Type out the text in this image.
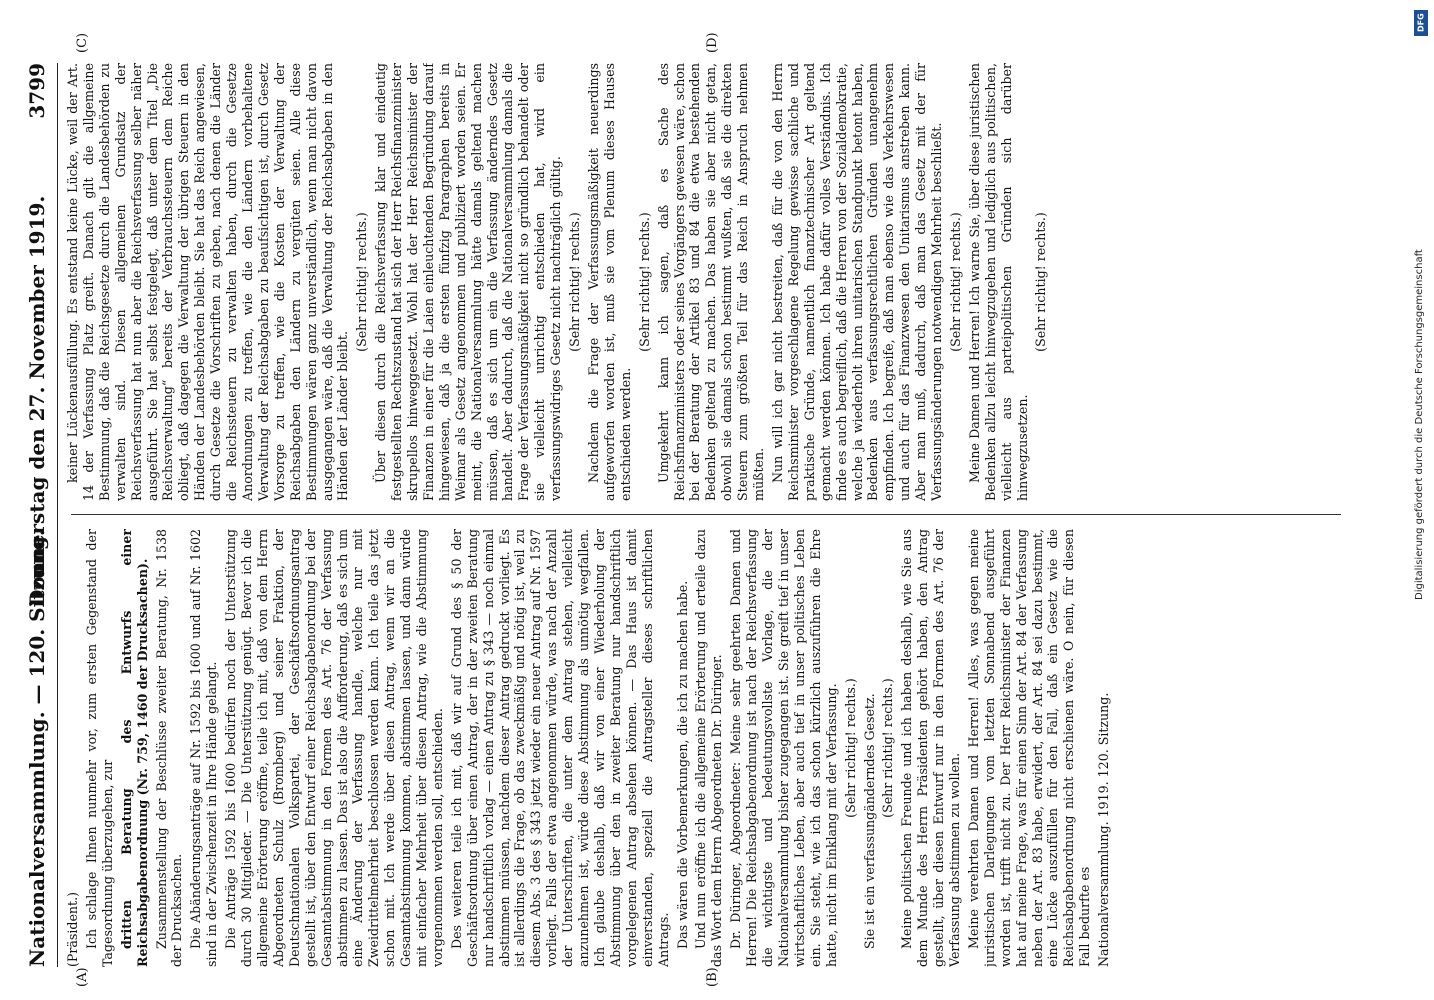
Nationalversammlung. — 120. Sitzung.
Donnerstag den 27. November 1919.
3799
(A)	(B)
(C)	(D)

(Präsident.) Ich schlage Ihnen nunmehr vor, zum ersten Gegenstand der Tagesordnung überzugehen, zur dritten Beratung des Entwurfs einer Reichsabgabenordnung (Nr. 759, 1460 der Drucksachen). Zusammenstellung der Beschlüsse zweiter Beratung, Nr. 1538 der Drucksachen. Die Abänderungsanträge auf Nr. 1592 bis 1600 und auf Nr. 1602 sind in der Zwischenzeit in Ihre Hände gelangt. Die Anträge 1592 bis 1600 bedürfen noch der Unterstützung durch 30 Mitglieder. — Die Unterstützung genügt. Bevor ich die allgemeine Erörterung eröffne, teile ich mit, daß von dem Herrn Abgeordneten Schulz (Bromberg) und seiner Fraktion, der Deutschnationalen Volkspartei, der Geschäftsordnungsantrag gestellt ist, über den Entwurf einer Reichsabgabenordnung bei der Gesamtabstimmung in den Formen des Art. 76 der Verfassung abstimmen zu lassen. Das ist also die Aufforderung, daß es sich um eine Änderung der Verfassung handle, welche nur mit Zweidrittelmehrheit beschlossen werden kann. Ich teile das jetzt schon mit. Ich werde über diesen Antrag, wenn wir an die Gesamtabstimmung kommen, abstimmen lassen, und dann würde mit einfacher Mehrheit über diesen Antrag, wie die Abstimmung vorgenommen werden soll, entschieden. Des weiteren teile ich mit, daß wir auf Grund des § 50 der Geschäftsordnung über einen Antrag, der in der zweiten Beratung nur handschriftlich vorlag — einen Antrag zu § 343 — noch einmal abstimmen müssen, nachdem dieser Antrag gedruckt vorliegt. Es ist allerdings die Frage, ob das zweckmäßig und nötig ist, weil zu diesem Abs. 3 des § 343 jetzt wieder ein neuer Antrag auf Nr. 1597 vorliegt. Falls der etwa angenommen würde, was nach der Anzahl der Unterschriften, die unter dem Antrag stehen, vielleicht anzunehmen ist, würde diese Abstimmung als unnötig wegfallen. Ich glaube deshalb, daß wir von einer Wiederholung der Abstimmung über den in zweiter Beratung nur handschriftlich vorgelegenen Antrag absehen können. — Das Haus ist damit einverstanden, speziell die Antragsteller dieses schriftlichen Antrags. Das wären die Vorbemerkungen, die ich zu machen habe. Und nun eröffne ich die allgemeine Erörterung und erteile dazu das Wort dem Herrn Abgeordneten Dr. Düringer. Dr. Düringer, Abgeordneter: Meine sehr geehrten Damen und Herren! Die Reichsabgabenordnung ist nach der Reichsverfassung die wichtigste und bedeutungsvollste Vorlage, die der Nationalversammlung bisher zugegangen ist. Sie greift tief in unser wirtschaftliches Leben, aber auch tief in unser politisches Leben ein. Sie steht, wie ich das schon kürzlich auszuführen die Ehre hatte, nicht im Einklang mit der Verfassung. (Sehr richtig! rechts.) Sie ist ein verfassungänderndes Gesetz. (Sehr richtig! rechts.) Meine politischen Freunde und ich haben deshalb, wie Sie aus dem Munde des Herrn Präsidenten gehört haben, den Antrag gestellt, über diesen Entwurf nur in den Formen des Art. 76 der Verfassung abstimmen zu wollen. Meine verehrten Damen und Herren! Alles, was gegen meine juristischen Darlegungen vom letzten Sonnabend ausgeführt worden ist, trifft nicht zu. Der Herr Reichsminister der Finanzen hat auf meine Frage, was für einen Sinn der Art. 84 der Verfassung neben der Art. 83 habe, erwidert, der Art. 84 sei dazu bestimmt, eine Lücke auszufüllen für den Fall, daß ein Gesetz wie die Reichsabgabenordnung nicht erschienen wäre. O nein, für diesen Fall bedurfte es Nationalversammlung. 1919. 120. Sitzung.

keiner Lückenausfüllung. Es entstand keine Lücke, weil der Art. 14 der Verfassung Platz greift. Danach gilt die allgemeine Bestimmung, daß die Reichsgesetze durch die Landesbehörden zu verwalten sind. Diesen allgemeinen Grundsatz der Reichsverfassung hat nun aber die Reichsverfassung selber näher ausgeführt. Sie hat selbst festgelegt, daß unter dem Titel „Die Reichsverwaltung“ bereits der Verbrauchssteuern dem Reiche obliegt, daß dagegen die Verwaltung der übrigen Steuern in den Händen der Landesbehörden bleibt. Sie hat das Reich angewiesen, durch Gesetze die Vorschriften zu geben, nach denen die Länder die Reichssteuern zu verwalten haben, durch die Gesetze Anordnungen zu treffen, wie die den Ländern vorbehaltene Verwaltung der Reichsabgaben zu beaufsichtigen ist, durch Gesetz Vorsorge zu treffen, wie die Kosten der Verwaltung der Reichsabgaben den Ländern zu vergüten seien. Alle diese Bestimmungen wären ganz unverständlich, wenn man nicht davon ausgegangen wäre, daß die Verwaltung der Reichsabgaben in den Händen der Länder bleibt.

(Sehr richtig! rechts.) Über diesen durch die Reichsverfassung klar und eindeutig festgestellten Rechtszustand hat sich der Herr Reichsfinanzminister skrupellos hinweggesetzt. Wohl hat der Herr Reichsminister der Finanzen in einer für die Laien einleuchtenden Begründung darauf hingewiesen, daß ja die ersten fünfzig Paragraphen bereits in Weimar als Gesetz angenommen und publiziert worden seien. Er meint, die Nationalversammlung hätte damals geltend machen müssen, daß es sich um ein die Verfassung änderndes Gesetz handelt. Aber dadurch, daß die Nationalversammlung damals die Frage der Verfassungsmäßigkeit nicht so gründlich behandelt oder sie vielleicht unrichtig entschieden hat, wird ein verfassungswidriges Gesetz nicht nachträglich gültig. (Sehr richtig! rechts.) Nachdem die Frage der Verfassungsmäßigkeit neuerdings aufgeworfen worden ist, muß sie vom Plenum dieses Hauses entschieden werden.

(Sehr richtig! rechts.) Umgekehrt kann ich sagen, daß es Sache des Reichsfinanzministers oder seines Vorgängers gewesen wäre, schon bei der Beratung der Artikel 83 und 84 die etwa bestehenden Bedenken geltend zu machen. Das haben sie aber nicht getan, obwohl sie damals schon bestimmt wußten, daß sie die direkten Steuern zum größten Teil für das Reich in Anspruch nehmen müßten. Nun will ich gar nicht bestreiten, daß für die von den Herrn Reichsminister vorgeschlagene Regelung gewisse sachliche und praktische Gründe, namentlich finanztechnischer Art geltend gemacht werden können. Ich habe dafür volles Verständnis. Ich finde es auch begreiflich, daß die Herren von der Sozialdemokratie, welche ja wiederholt ihren unitarischen Standpunkt betont haben, Bedenken aus verfassungsrechtlichen Gründen unangenehm empfinden. Ich begreife, daß man ebenso wie das Verkehrswesen und auch für das Finanzwesen den Unitarismus anstreben kann. Aber man muß, dadurch, daß man das Gesetz mit der für Verfassungsänderungen notwendigen Mehrheit beschließt. (Sehr richtig! rechts.) Meine Damen und Herren! Ich warne Sie, über diese juristischen Bedenken allzu leicht hinwegzugehen und lediglich aus politischen, vielleicht aus parteipolitischen Gründen sich darüber hinwegzusetzen.

(Sehr richtig! rechts.)

DFG
Digitalisierung gefördert durch die Deutsche Forschungsgemeinschaft
